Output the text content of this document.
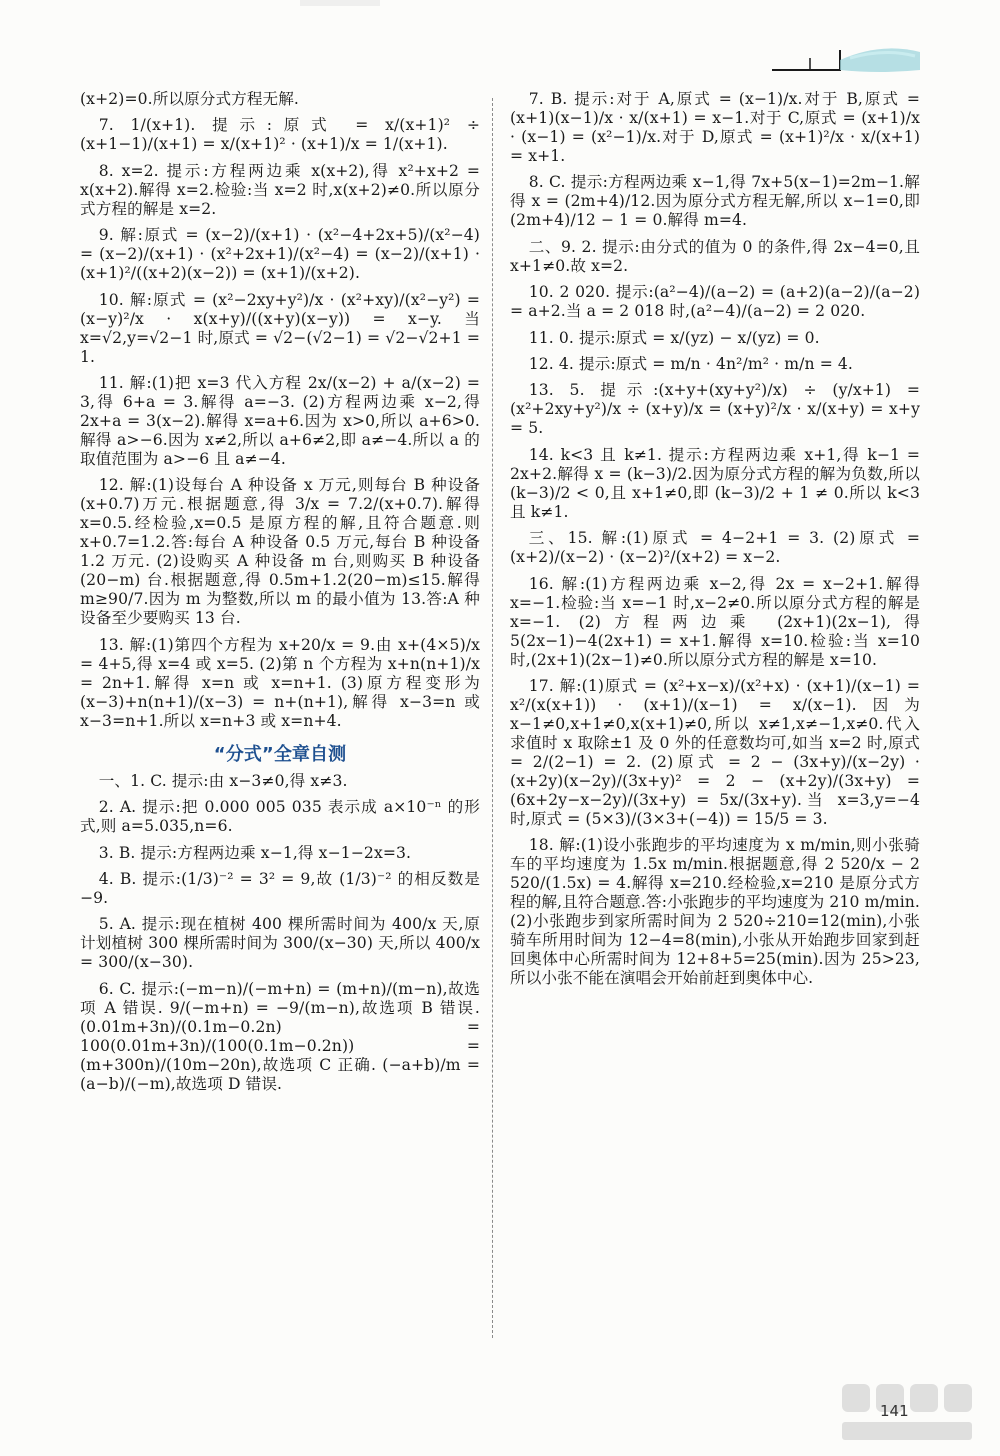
(x+2)=0.所以原分式方程无解.

7. 1/(x+1). 提示:原式 = x/(x+1)² ÷ (x+1−1)/(x+1) = x/(x+1)² · (x+1)/x = 1/(x+1).

8. x=2. 提示:方程两边乘 x(x+2),得 x²+x+2 = x(x+2).解得 x=2.检验:当 x=2 时,x(x+2)≠0.所以原分式方程的解是 x=2.

9. 解:原式 = (x−2)/(x+1) · (x²−4+2x+5)/(x²−4) = (x−2)/(x+1) · (x²+2x+1)/(x²−4) = (x−2)/(x+1) · (x+1)²/((x+2)(x−2)) = (x+1)/(x+2).

10. 解:原式 = (x²−2xy+y²)/x · (x²+xy)/(x²−y²) = (x−y)²/x · x(x+y)/((x+y)(x−y)) = x−y. 当 x=√2,y=√2−1 时,原式 = √2−(√2−1) = √2−√2+1 = 1.

11. 解:(1)把 x=3 代入方程 2x/(x−2) + a/(x−2) = 3,得 6+a = 3.解得 a=−3. (2)方程两边乘 x−2,得 2x+a = 3(x−2).解得 x=a+6.因为 x>0,所以 a+6>0.解得 a>−6.因为 x≠2,所以 a+6≠2,即 a≠−4.所以 a 的取值范围为 a>−6 且 a≠−4.

12. 解:(1)设每台 A 种设备 x 万元,则每台 B 种设备 (x+0.7)万元.根据题意,得 3/x = 7.2/(x+0.7).解得 x=0.5.经检验,x=0.5 是原方程的解,且符合题意.则 x+0.7=1.2.答:每台 A 种设备 0.5 万元,每台 B 种设备 1.2 万元. (2)设购买 A 种设备 m 台,则购买 B 种设备 (20−m) 台.根据题意,得 0.5m+1.2(20−m)≤15.解得 m≥90/7.因为 m 为整数,所以 m 的最小值为 13.答:A 种设备至少要购买 13 台.

13. 解:(1)第四个方程为 x+20/x = 9.由 x+(4×5)/x = 4+5,得 x=4 或 x=5. (2)第 n 个方程为 x+n(n+1)/x = 2n+1.解得 x=n 或 x=n+1. (3)原方程变形为 (x−3)+n(n+1)/(x−3) = n+(n+1),解得 x−3=n 或 x−3=n+1.所以 x=n+3 或 x=n+4.

“分式”全章自测

一、1. C. 提示:由 x−3≠0,得 x≠3.

2. A. 提示:把 0.000 005 035 表示成 a×10⁻ⁿ 的形式,则 a=5.035,n=6.

3. B. 提示:方程两边乘 x−1,得 x−1−2x=3.

4. B. 提示:(1/3)⁻² = 3² = 9,故 (1/3)⁻² 的相反数是 −9.

5. A. 提示:现在植树 400 棵所需时间为 400/x 天,原计划植树 300 棵所需时间为 300/(x−30) 天,所以 400/x = 300/(x−30).

6. C. 提示:(−m−n)/(−m+n) = (m+n)/(m−n),故选项 A 错误. 9/(−m+n) = −9/(m−n),故选项 B 错误. (0.01m+3n)/(0.1m−0.2n) = 100(0.01m+3n)/(100(0.1m−0.2n)) = (m+300n)/(10m−20n),故选项 C 正确. (−a+b)/m = (a−b)/(−m),故选项 D 错误.

7. B. 提示:对于 A,原式 = (x−1)/x.对于 B,原式 = (x+1)(x−1)/x · x/(x+1) = x−1.对于 C,原式 = (x+1)/x · (x−1) = (x²−1)/x.对于 D,原式 = (x+1)²/x · x/(x+1) = x+1.

8. C. 提示:方程两边乘 x−1,得 7x+5(x−1)=2m−1.解得 x = (2m+4)/12.因为原分式方程无解,所以 x−1=0,即 (2m+4)/12 − 1 = 0.解得 m=4.

二、9. 2. 提示:由分式的值为 0 的条件,得 2x−4=0,且 x+1≠0.故 x=2.

10. 2 020. 提示:(a²−4)/(a−2) = (a+2)(a−2)/(a−2) = a+2.当 a = 2 018 时,(a²−4)/(a−2) = 2 020.

11. 0. 提示:原式 = x/(yz) − x/(yz) = 0.

12. 4. 提示:原式 = m/n · 4n²/m² · m/n = 4.

13. 5. 提示:(x+y+(xy+y²)/x) ÷ (y/x+1) = (x²+2xy+y²)/x ÷ (x+y)/x = (x+y)²/x · x/(x+y) = x+y = 5.

14. k<3 且 k≠1. 提示:方程两边乘 x+1,得 k−1 = 2x+2.解得 x = (k−3)/2.因为原分式方程的解为负数,所以 (k−3)/2 < 0,且 x+1≠0,即 (k−3)/2 + 1 ≠ 0.所以 k<3 且 k≠1.

三、15. 解:(1)原式 = 4−2+1 = 3. (2)原式 = (x+2)/(x−2) · (x−2)²/(x+2) = x−2.

16. 解:(1)方程两边乘 x−2,得 2x = x−2+1.解得 x=−1.检验:当 x=−1 时,x−2≠0.所以原分式方程的解是 x=−1. (2)方程两边乘 (2x+1)(2x−1),得 5(2x−1)−4(2x+1) = x+1.解得 x=10.检验:当 x=10 时,(2x+1)(2x−1)≠0.所以原分式方程的解是 x=10.

17. 解:(1)原式 = (x²+x−x)/(x²+x) · (x+1)/(x−1) = x²/(x(x+1)) · (x+1)/(x−1) = x/(x−1).因为 x−1≠0,x+1≠0,x(x+1)≠0,所以 x≠1,x≠−1,x≠0.代入求值时 x 取除±1 及 0 外的任意数均可,如当 x=2 时,原式 = 2/(2−1) = 2. (2)原式 = 2 − (3x+y)/(x−2y) · (x+2y)(x−2y)/(3x+y)² = 2 − (x+2y)/(3x+y) = (6x+2y−x−2y)/(3x+y) = 5x/(3x+y).当 x=3,y=−4 时,原式 = (5×3)/(3×3+(−4)) = 15/5 = 3.

18. 解:(1)设小张跑步的平均速度为 x m/min,则小张骑车的平均速度为 1.5x m/min.根据题意,得 2 520/x − 2 520/(1.5x) = 4.解得 x=210.经检验,x=210 是原分式方程的解,且符合题意.答:小张跑步的平均速度为 210 m/min. (2)小张跑步到家所需时间为 2 520÷210=12(min),小张骑车所用时间为 12−4=8(min),小张从开始跑步回家到赶回奥体中心所需时间为 12+8+5=25(min).因为 25>23,所以小张不能在演唱会开始前赶到奥体中心.

141
